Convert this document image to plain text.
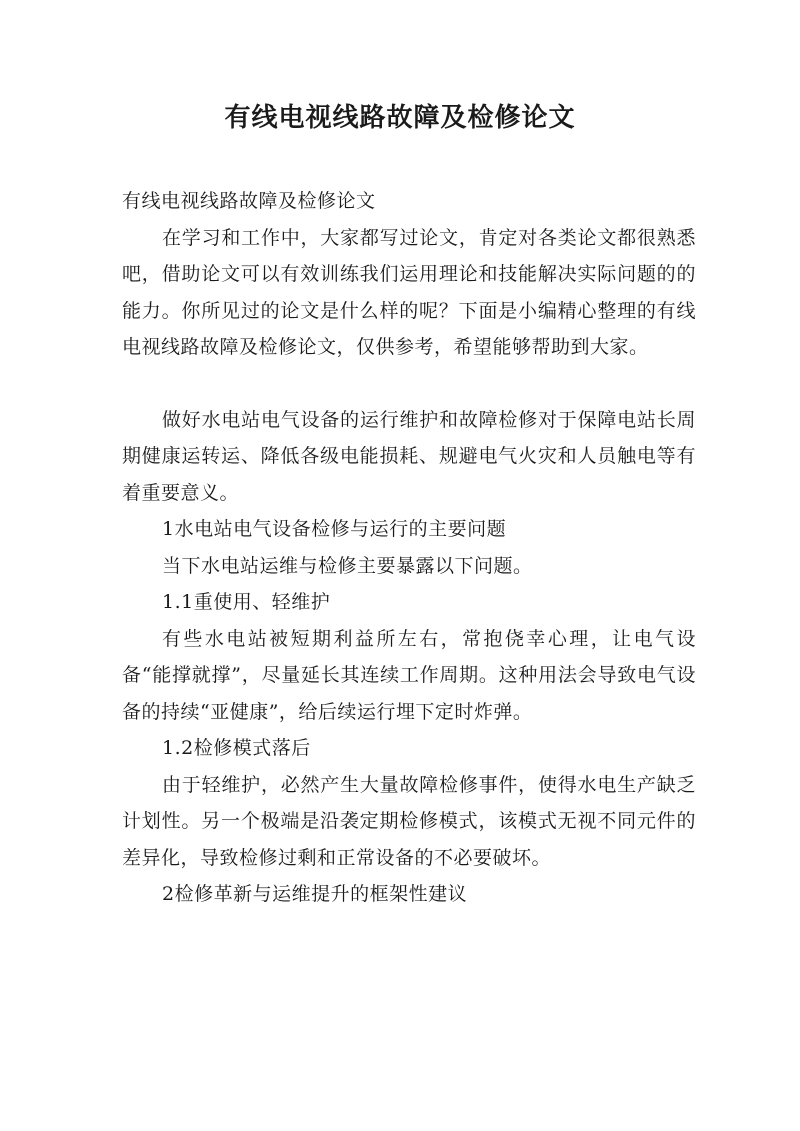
有线电视线路故障及检修论文

有线电视线路故障及检修论文

在学习和工作中，大家都写过论文，肯定对各类论文都很熟悉吧，借助论文可以有效训练我们运用理论和技能解决实际问题的的能力。你所见过的论文是什么样的呢？下面是小编精心整理的有线电视线路故障及检修论文，仅供参考，希望能够帮助到大家。

做好水电站电气设备的运行维护和故障检修对于保障电站长周期健康运转运、降低各级电能损耗、规避电气火灾和人员触电等有着重要意义。

1水电站电气设备检修与运行的主要问题

当下水电站运维与检修主要暴露以下问题。

1.1重使用、轻维护

有些水电站被短期利益所左右，常抱侥幸心理，让电气设备“能撑就撑”，尽量延长其连续工作周期。这种用法会导致电气设备的持续“亚健康”，给后续运行埋下定时炸弹。

1.2检修模式落后

由于轻维护，必然产生大量故障检修事件，使得水电生产缺乏计划性。另一个极端是沿袭定期检修模式，该模式无视不同元件的差异化，导致检修过剩和正常设备的不必要破坏。

2检修革新与运维提升的框架性建议
